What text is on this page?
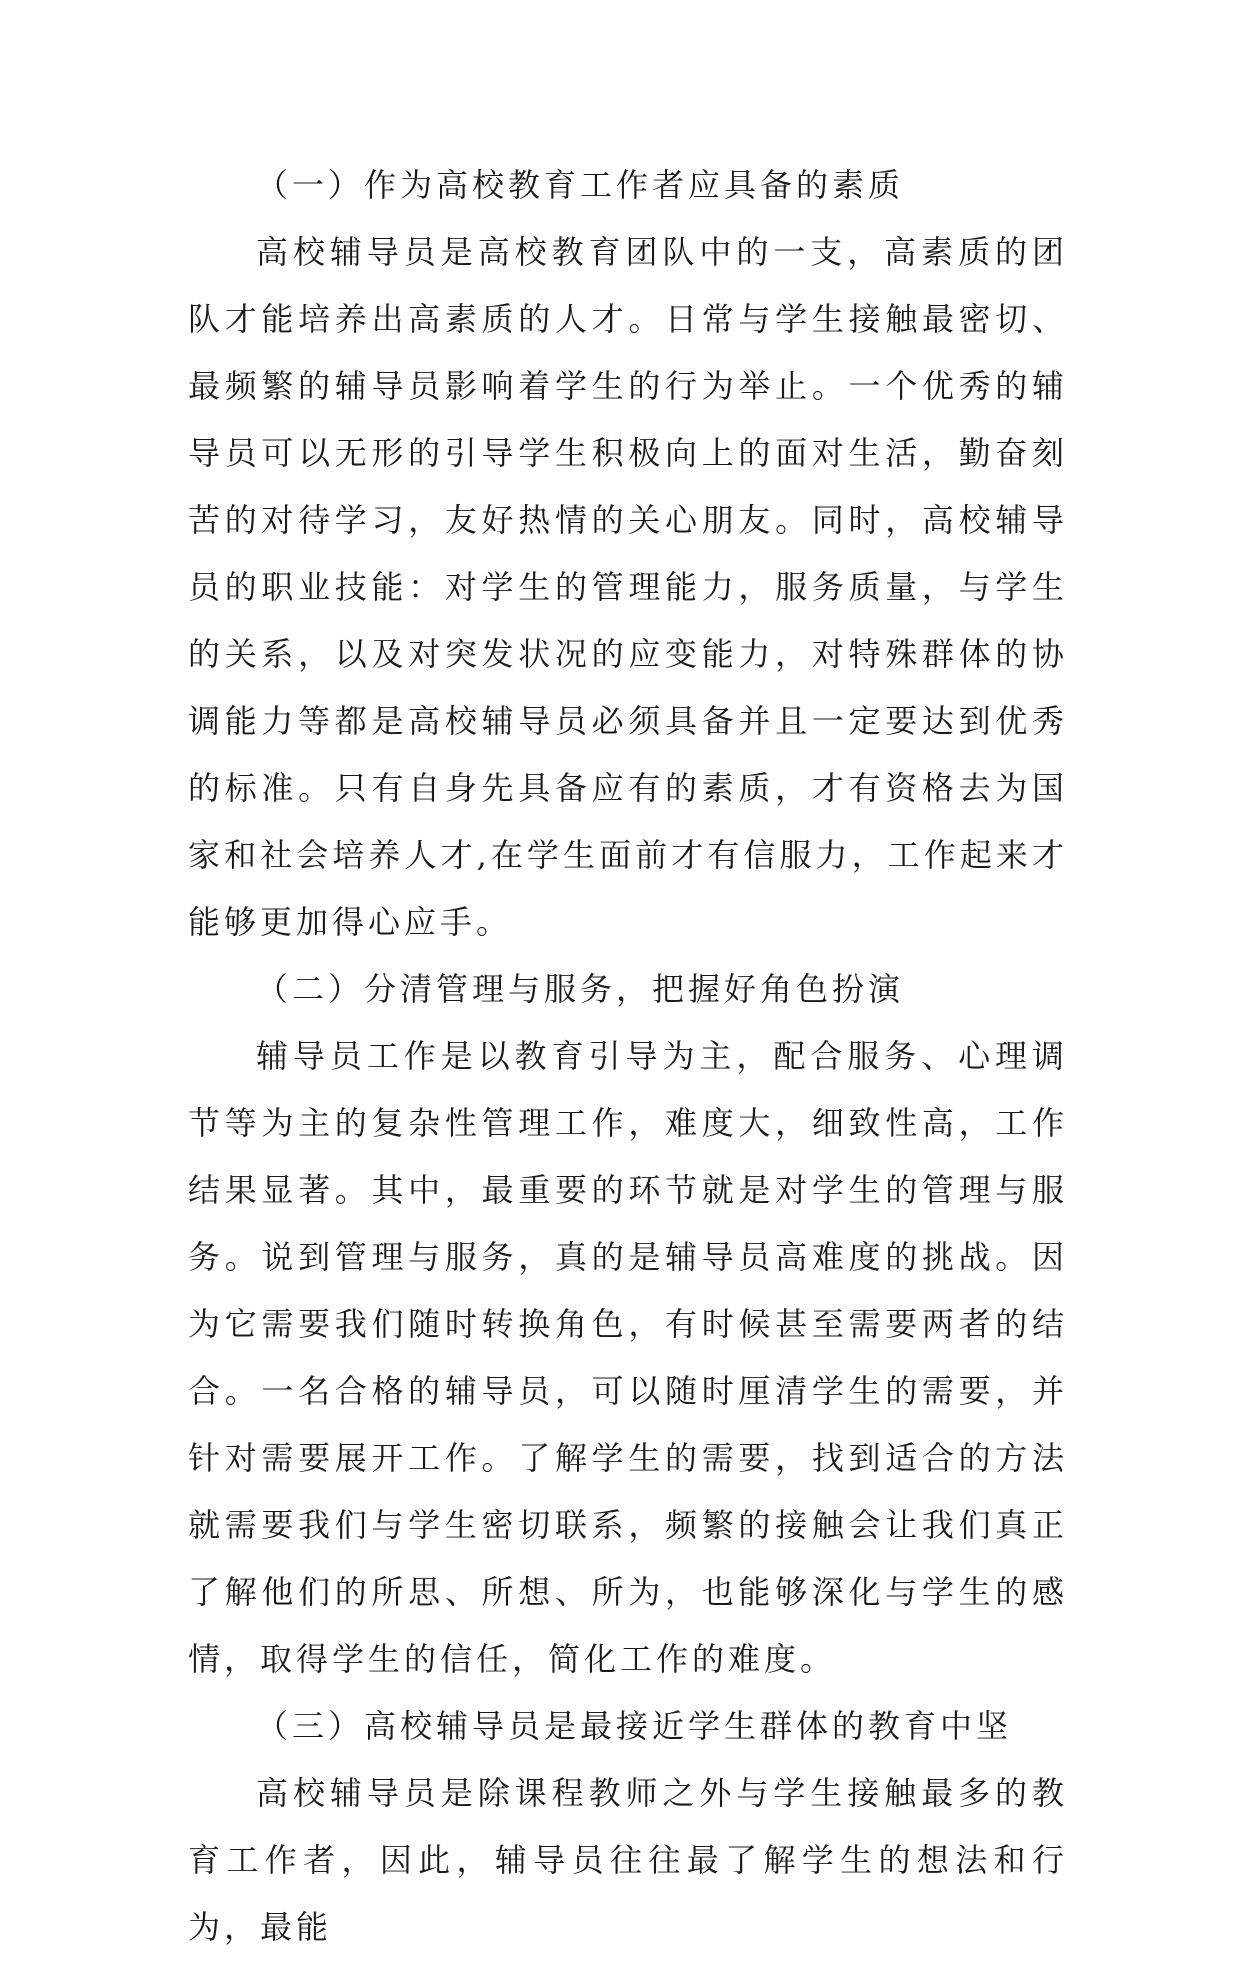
（一）作为高校教育工作者应具备的素质

高校辅导员是高校教育团队中的一支，高素质的团队才能培养出高素质的人才。日常与学生接触最密切、最频繁的辅导员影响着学生的行为举止。一个优秀的辅导员可以无形的引导学生积极向上的面对生活，勤奋刻苦的对待学习，友好热情的关心朋友。同时，高校辅导员的职业技能：对学生的管理能力，服务质量，与学生的关系，以及对突发状况的应变能力，对特殊群体的协调能力等都是高校辅导员必须具备并且一定要达到优秀的标准。只有自身先具备应有的素质，才有资格去为国家和社会培养人才,在学生面前才有信服力，工作起来才能够更加得心应手。

（二）分清管理与服务，把握好角色扮演

辅导员工作是以教育引导为主，配合服务、心理调节等为主的复杂性管理工作，难度大，细致性高，工作结果显著。其中，最重要的环节就是对学生的管理与服务。说到管理与服务，真的是辅导员高难度的挑战。因为它需要我们随时转换角色，有时候甚至需要两者的结合。一名合格的辅导员，可以随时厘清学生的需要，并针对需要展开工作。了解学生的需要，找到适合的方法就需要我们与学生密切联系，频繁的接触会让我们真正了解他们的所思、所想、所为，也能够深化与学生的感情，取得学生的信任，简化工作的难度。

（三）高校辅导员是最接近学生群体的教育中坚

高校辅导员是除课程教师之外与学生接触最多的教育工作者，因此，辅导员往往最了解学生的想法和行为，最能
